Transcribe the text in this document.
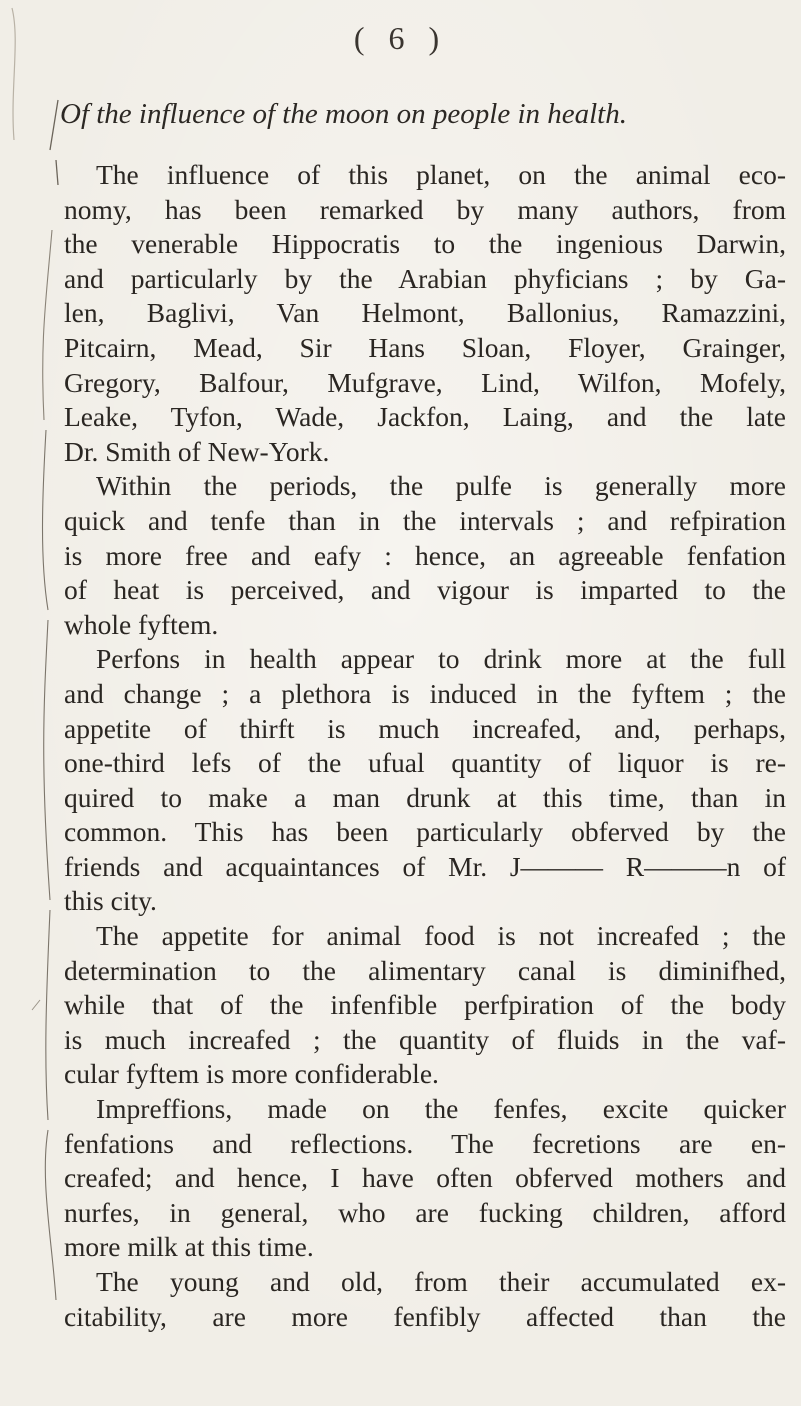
( 6 )
Of the influence of the moon on people in health.
The influence of this planet, on the animal eco-
nomy, has been remarked by many authors, from
the venerable Hippocratis to the ingenious Darwin,
and particularly by the Arabian phyficians ; by Ga-
len, Baglivi, Van Helmont, Ballonius, Ramazzini,
Pitcairn, Mead, Sir Hans Sloan, Floyer, Grainger,
Gregory, Balfour, Mufgrave, Lind, Wilfon, Mofely,
Leake, Tyfon, Wade, Jackfon, Laing, and the late
Dr. Smith of New-York.
Within the periods, the pulfe is generally more
quick and tenfe than in the intervals ; and refpiration
is more free and eafy : hence, an agreeable fenfation
of heat is perceived, and vigour is imparted to the
whole fyftem.
Perfons in health appear to drink more at the full
and change ; a plethora is induced in the fyftem ; the
appetite of thirft is much increafed, and, perhaps,
one-third lefs of the ufual quantity of liquor is re-
quired to make a man drunk at this time, than in
common. This has been particularly obferved by the
friends and acquaintances of Mr. J——— R———n of
this city.
The appetite for animal food is not increafed ; the
determination to the alimentary canal is diminifhed,
while that of the infenfible perfpiration of the body
is much increafed ; the quantity of fluids in the vaf-
cular fyftem is more confiderable.
Impreffions, made on the fenfes, excite quicker
fenfations and reflections. The fecretions are en-
creafed; and hence, I have often obferved mothers and
nurfes, in general, who are fucking children, afford
more milk at this time.
The young and old, from their accumulated ex-
citability, are more fenfibly affected than the
